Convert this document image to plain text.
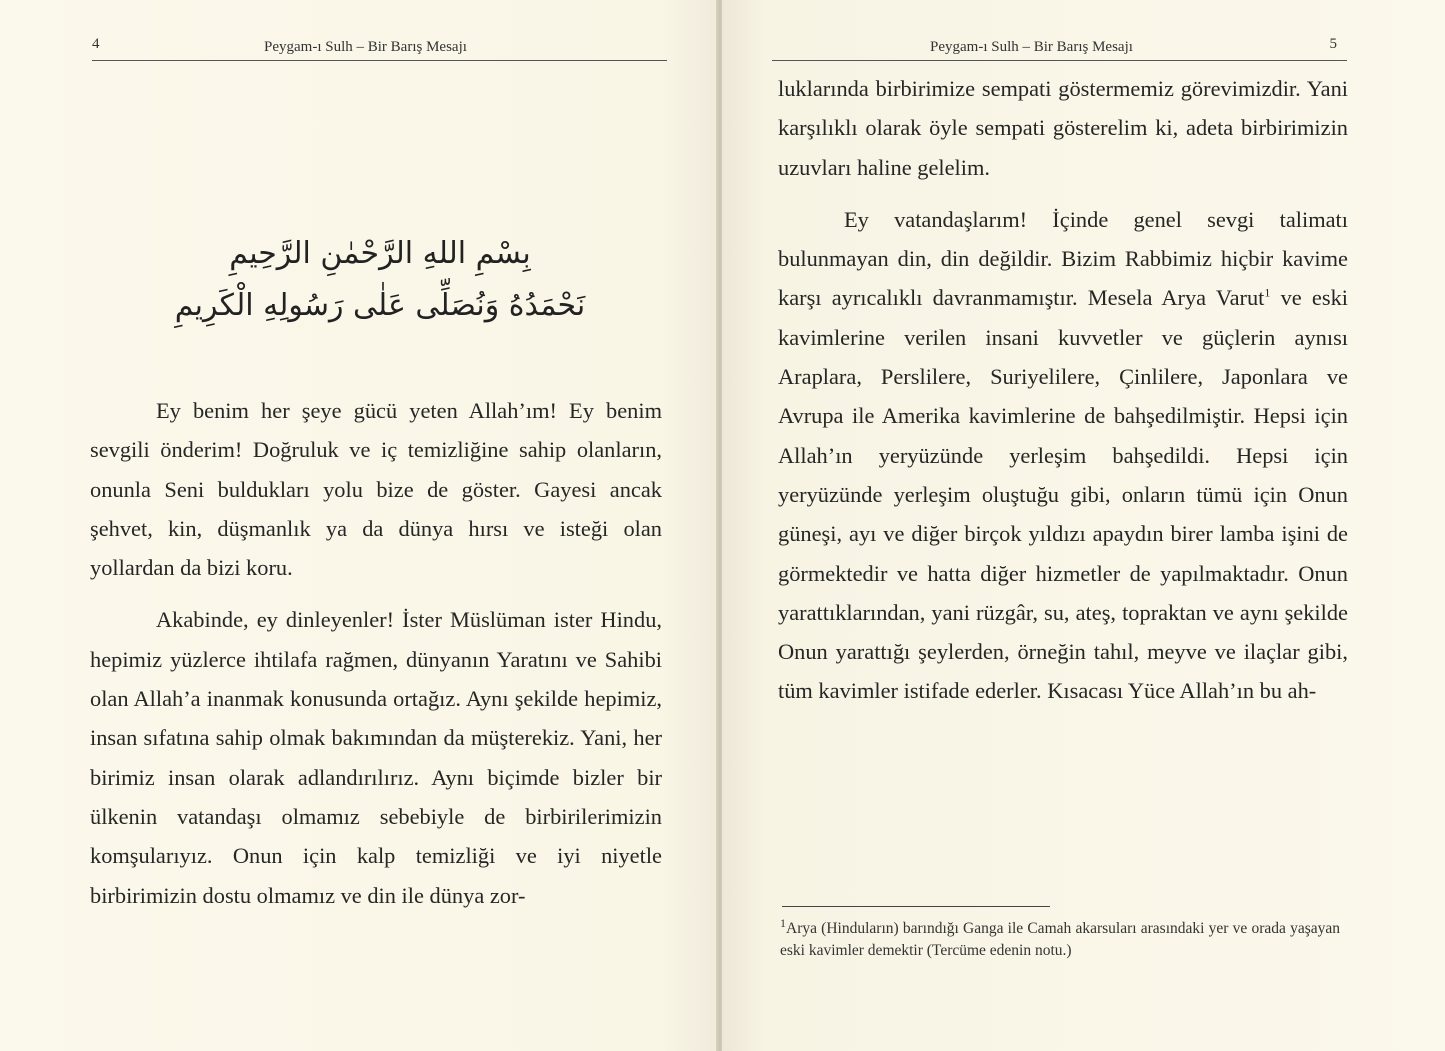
4	Peygam-ı Sulh – Bir Barış Mesajı
بِسْمِ اللهِ الرَّحْمٰنِ الرَّحِيمِ
نَحْمَدُهُ وَنُصَلِّى عَلٰى رَسُولِهِ الْكَرِيمِ

Ey benim her şeye gücü yeten Allah’ım! Ey benim sevgili önderim! Doğruluk ve iç temizliğine sahip olanların, onunla Seni buldukları yolu bize de göster. Gayesi ancak şehvet, kin, düşmanlık ya da dünya hırsı ve isteği olan yollardan da bizi koru.

Akabinde, ey dinleyenler! İster Müslüman ister Hindu, hepimiz yüzlerce ihtilafa rağmen, dünyanın Yaratını ve Sahibi olan Allah’a inanmak konusunda ortağız. Aynı şekilde hepimiz, insan sıfatına sahip olmak bakımından da müşterekiz. Yani, her birimiz insan olarak adlandırılırız. Aynı biçimde bizler bir ülkenin vatandaşı olmamız sebebiyle de birbirilerimizin komşularıyız. Onun için kalp temizliği ve iyi niyetle birbirimizin dostu olmamız ve din ile dünya zor-

Peygam-ı Sulh – Bir Barış Mesajı	5

luklarında birbirimize sempati göstermemiz görevimizdir. Yani karşılıklı olarak öyle sempati gösterelim ki, adeta birbirimizin uzuvları haline gelelim.

Ey vatandaşlarım! İçinde genel sevgi talimatı bulunmayan din, din değildir. Bizim Rabbimiz hiçbir kavime karşı ayrıcalıklı davranmamıştır. Mesela Arya Varut$^1$ ve eski kavimlerine verilen insani kuvvetler ve güçlerin aynısı Araplara, Perslilere, Suriyelilere, Çinlilere, Japonlara ve Avrupa ile Amerika kavimlerine de bahşedilmiştir. Hepsi için Allah’ın yeryüzünde yerleşim bahşedildi. Hepsi için yeryüzünde yerleşim oluştuğu gibi, onların tümü için Onun güneşi, ayı ve diğer birçok yıldızı apaydın birer lamba işini de görmektedir ve hatta diğer hizmetler de yapılmaktadır. Onun yarattıklarından, yani rüzgâr, su, ateş, topraktan ve aynı şekilde Onun yarattığı şeylerden, örneğin tahıl, meyve ve ilaçlar gibi, tüm kavimler istifade ederler. Kısacası Yüce Allah’ın bu ah-

$^1$Arya (Hinduların) barındığı Ganga ile Camah akarsuları arasındaki yer ve orada yaşayan eski kavimler demektir (Tercüme edenin notu.)
